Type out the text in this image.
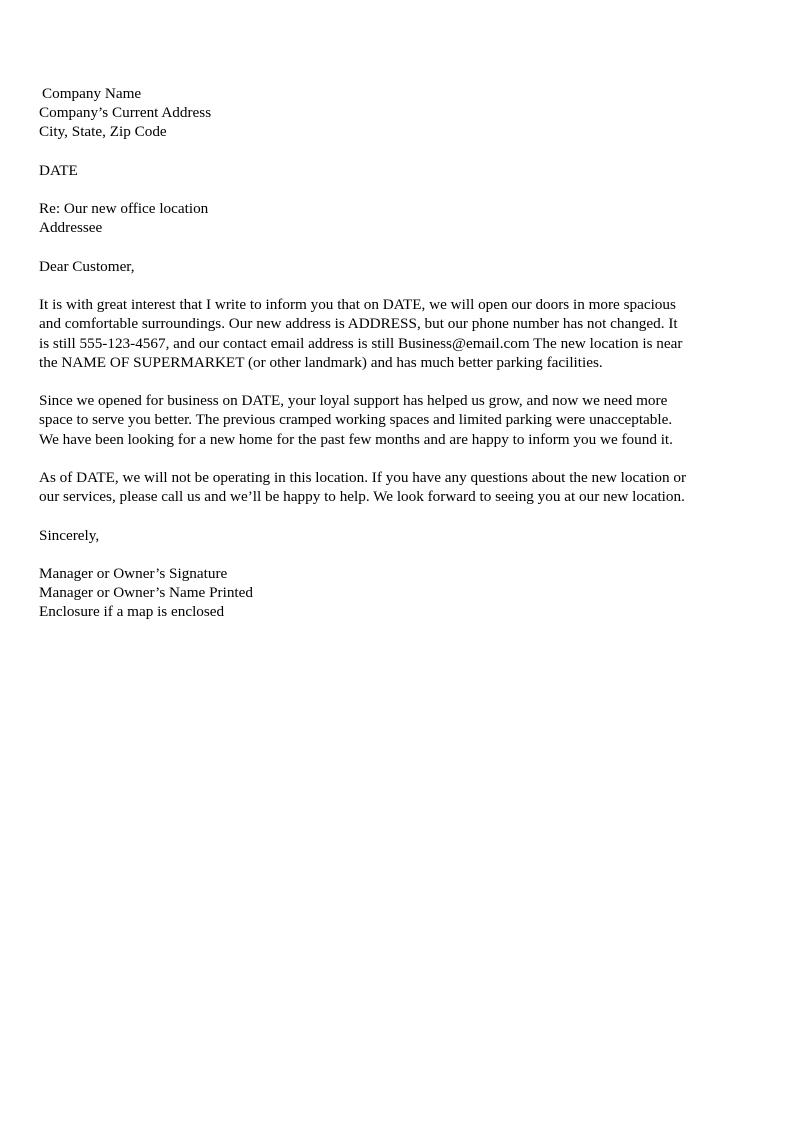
Company Name
Company’s Current Address
City, State, Zip Code
DATE
Re: Our new office location
Addressee
Dear Customer,
It is with great interest that I write to inform you that on DATE, we will open our doors in more spacious
and comfortable surroundings. Our new address is ADDRESS, but our phone number has not changed. It
is still 555-123-4567, and our contact email address is still Business@email.com The new location is near
the NAME OF SUPERMARKET (or other landmark) and has much better parking facilities.
Since we opened for business on DATE, your loyal support has helped us grow, and now we need more
space to serve you better. The previous cramped working spaces and limited parking were unacceptable.
We have been looking for a new home for the past few months and are happy to inform you we found it.
As of DATE, we will not be operating in this location. If you have any questions about the new location or
our services, please call us and we’ll be happy to help. We look forward to seeing you at our new location.
Sincerely,
Manager or Owner’s Signature
Manager or Owner’s Name Printed
Enclosure if a map is enclosed
